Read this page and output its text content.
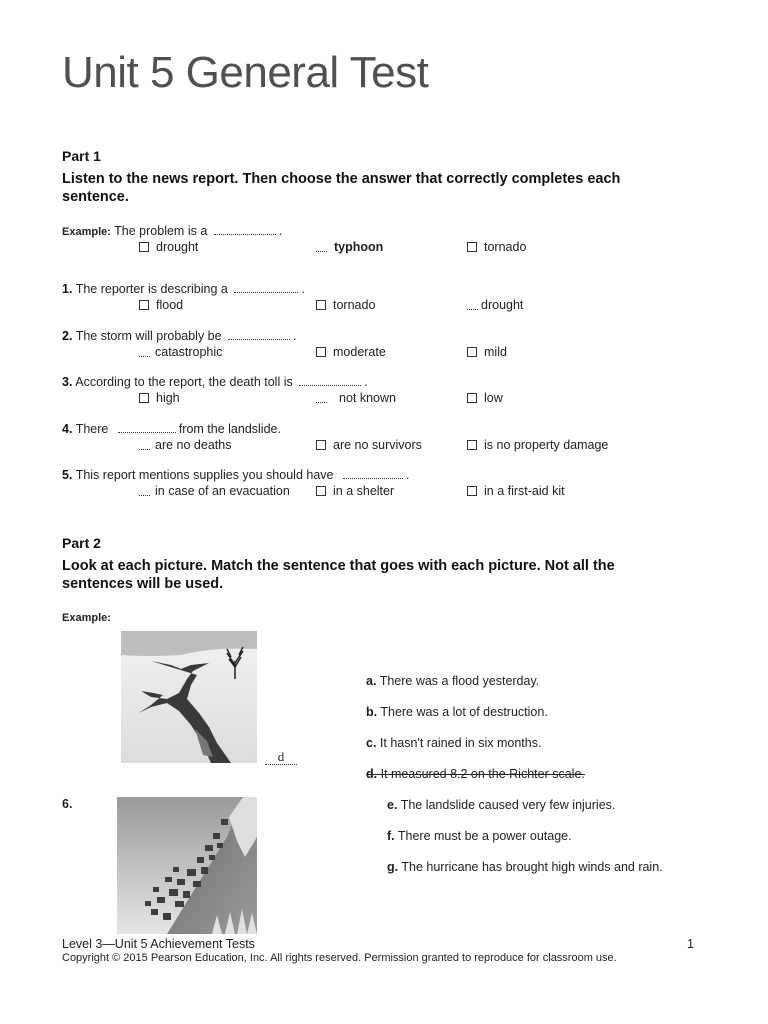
Unit 5 General Test
Part 1
Listen to the news report. Then choose the answer that correctly completes each sentence.
Example: The problem is a	.
drought	typhoon	tornado
1. The reporter is describing a	.
flood	tornado	drought
2. The storm will probably be	.
catastrophic	moderate	mild
3. According to the report, the death toll is	.
high	not known	low
4. There	from the landslide.
are no deaths	are no survivors	is no property damage
5. This report mentions supplies you should have	.
in case of an evacuation	in a shelter	in a first-aid kit
Part 2
Look at each picture. Match the sentence that goes with each picture. Not all the sentences will be used.
Example:
d
6.
a. There was a flood yesterday.
b. There was a lot of destruction.
c. It hasn't rained in six months.
d. It measured 8.2 on the Richter scale.
e. The landslide caused very few injuries.
f. There must be a power outage.
g. The hurricane has brought high winds and rain.
Level 3—Unit 5 Achievement Tests	1
Copyright © 2015 Pearson Education, Inc. All rights reserved. Permission granted to reproduce for classroom use.
